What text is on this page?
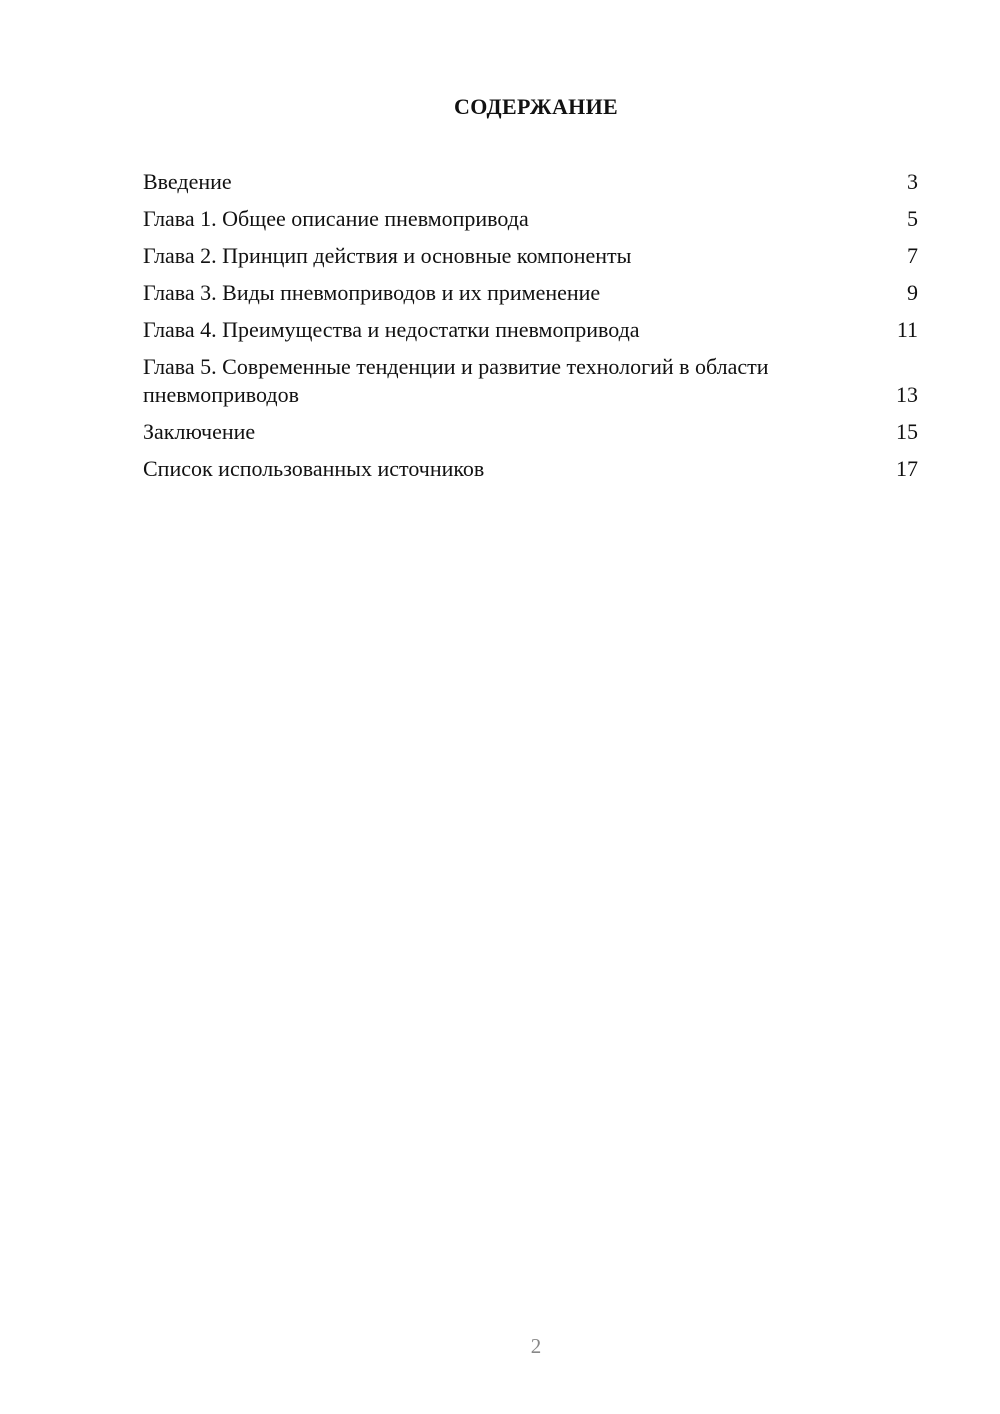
СОДЕРЖАНИЕ
Введение	3
Глава 1. Общее описание пневмопривода	5
Глава 2. Принцип действия и основные компоненты	7
Глава 3. Виды пневмоприводов и их применение	9
Глава 4. Преимущества и недостатки пневмопривода	11
Глава 5. Современные тенденции и развитие технологий в области пневмоприводов	13
Заключение	15
Список использованных источников	17
2
